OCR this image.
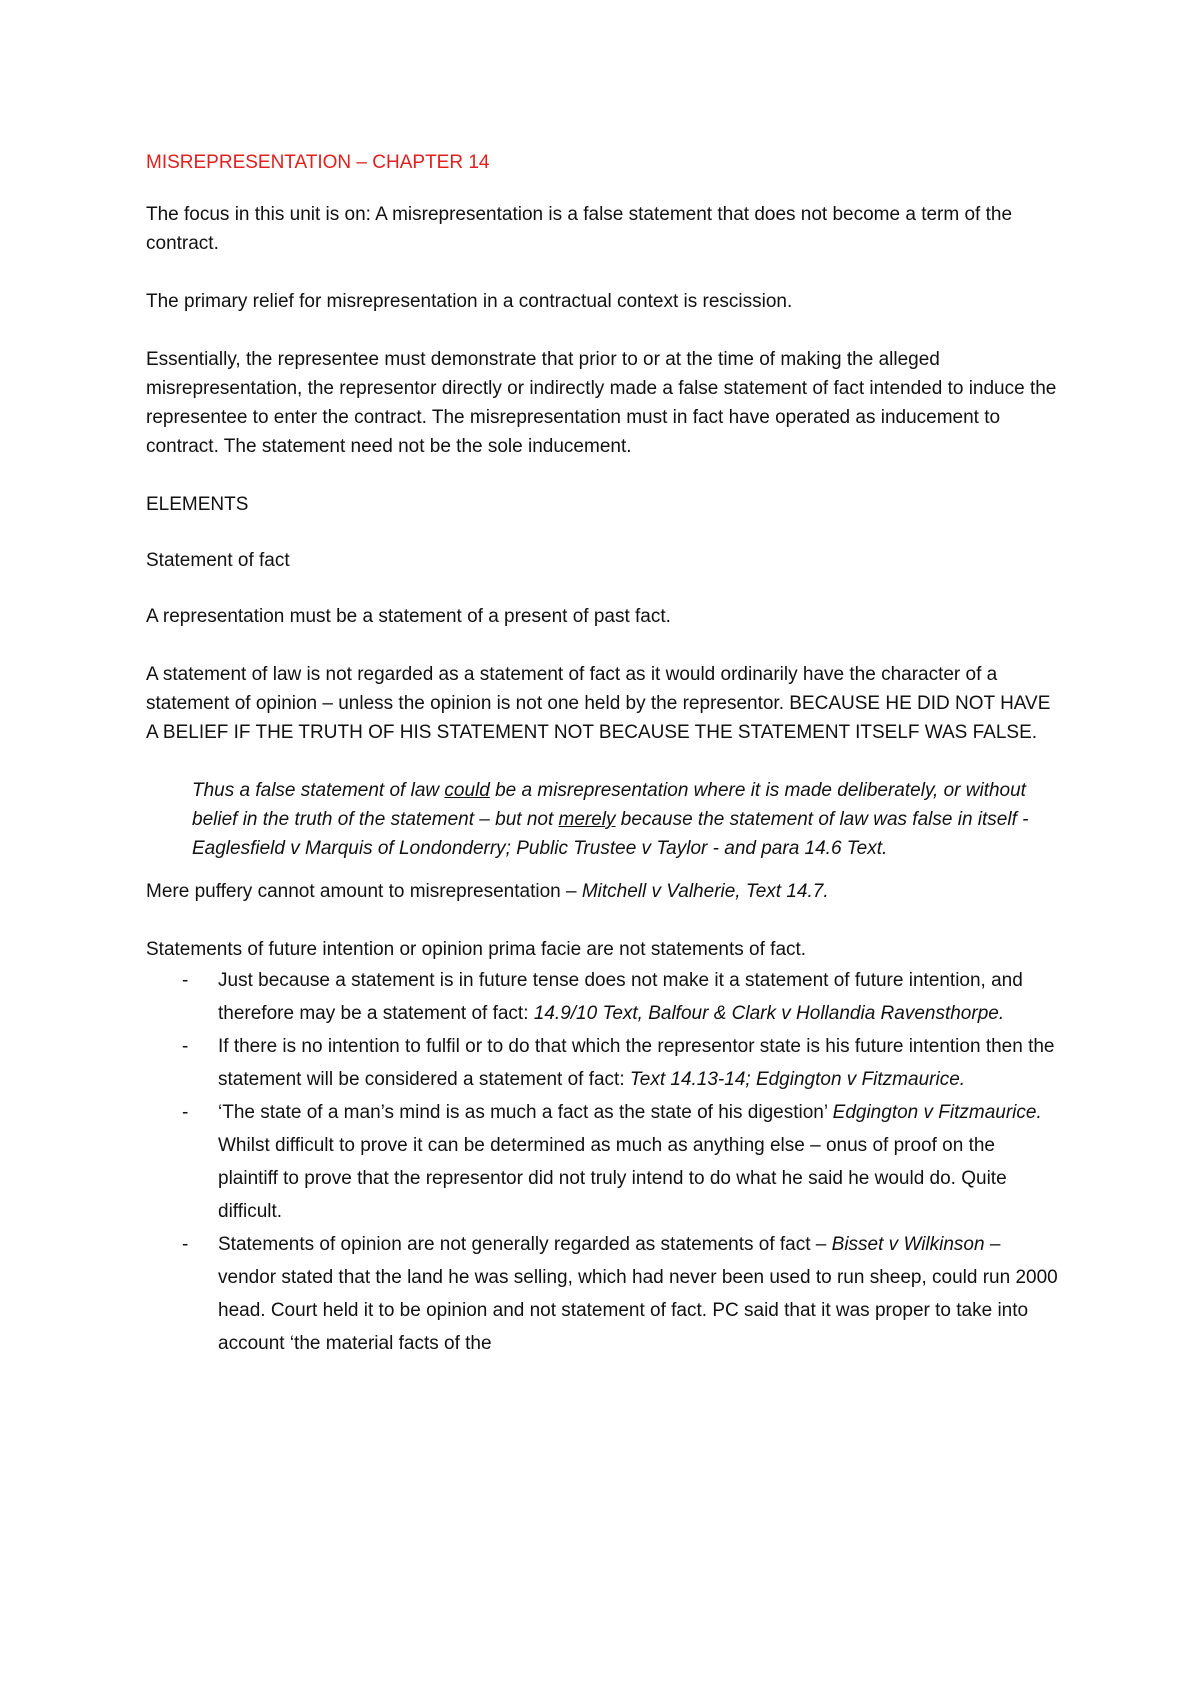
MISREPRESENTATION – CHAPTER 14

The focus in this unit is on: A misrepresentation is a false statement that does not become a term of the contract.

The primary relief for misrepresentation in a contractual context is rescission.

Essentially, the representee must demonstrate that prior to or at the time of making the alleged misrepresentation, the representor directly or indirectly made a false statement of fact intended to induce the representee to enter the contract. The misrepresentation must in fact have operated as inducement to contract. The statement need not be the sole inducement.

ELEMENTS

Statement of fact

A representation must be a statement of a present of past fact.

A statement of law is not regarded as a statement of fact as it would ordinarily have the character of a statement of opinion – unless the opinion is not one held by the representor. BECAUSE HE DID NOT HAVE A BELIEF IF THE TRUTH OF HIS STATEMENT NOT BECAUSE THE STATEMENT ITSELF WAS FALSE.

Thus a false statement of law could be a misrepresentation where it is made deliberately, or without belief in the truth of the statement – but not merely because the statement of law was false in itself - Eaglesfield v Marquis of Londonderry; Public Trustee v Taylor - and para 14.6 Text.

Mere puffery cannot amount to misrepresentation – Mitchell v Valherie, Text 14.7.

Statements of future intention or opinion prima facie are not statements of fact.

- Just because a statement is in future tense does not make it a statement of future intention, and therefore may be a statement of fact: 14.9/10 Text, Balfour & Clark v Hollandia Ravensthorpe.
- If there is no intention to fulfil or to do that which the representor state is his future intention then the statement will be considered a statement of fact: Text 14.13-14; Edgington v Fitzmaurice.
- ‘The state of a man’s mind is as much a fact as the state of his digestion’ Edgington v Fitzmaurice. Whilst difficult to prove it can be determined as much as anything else – onus of proof on the plaintiff to prove that the representor did not truly intend to do what he said he would do. Quite difficult.
- Statements of opinion are not generally regarded as statements of fact – Bisset v Wilkinson – vendor stated that the land he was selling, which had never been used to run sheep, could run 2000 head. Court held it to be opinion and not statement of fact. PC said that it was proper to take into account ‘the material facts of the
